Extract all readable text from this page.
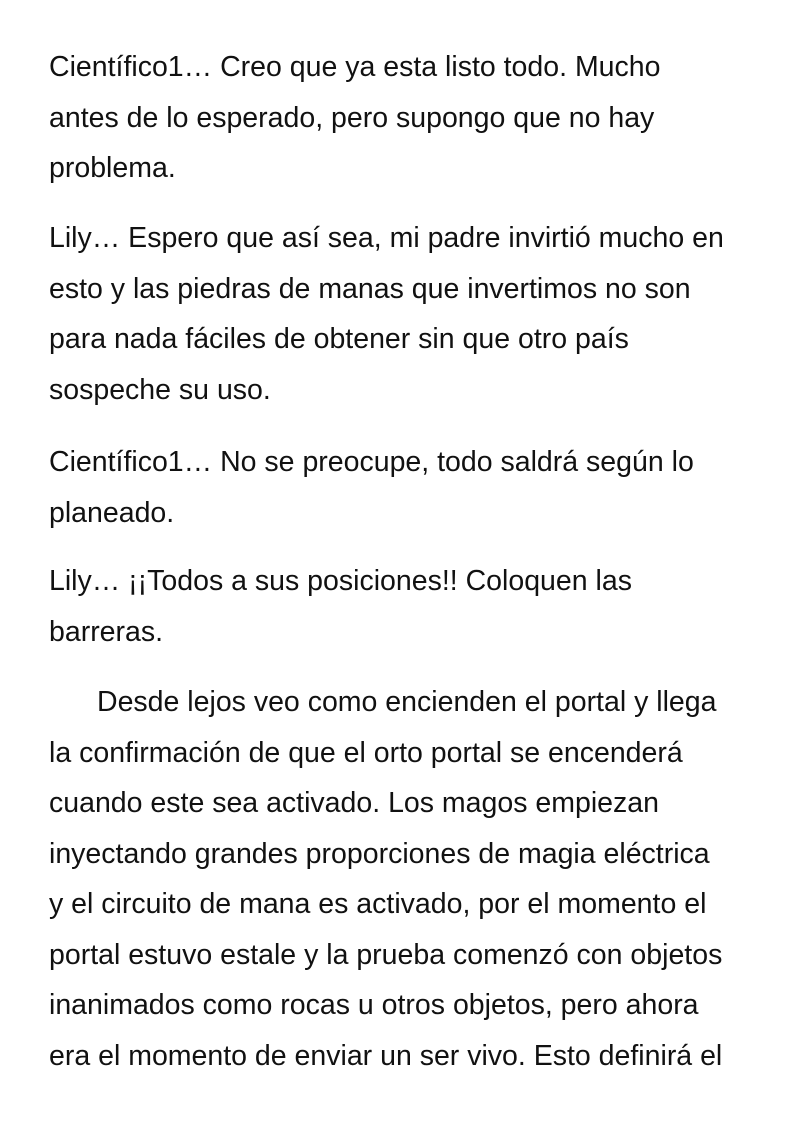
Científico1… Creo que ya esta listo todo. Mucho
antes de lo esperado, pero supongo que no hay
problema.
Lily… Espero que así sea, mi padre invirtió mucho en
esto y las piedras de manas que invertimos no son
para nada fáciles de obtener sin que otro país
sospeche su uso.
Científico1… No se preocupe, todo saldrá según lo
planeado.
Lily… ¡¡Todos a sus posiciones!! Coloquen las
barreras.
Desde lejos veo como encienden el portal y llega
la confirmación de que el orto portal se encenderá
cuando este sea activado. Los magos empiezan
inyectando grandes proporciones de magia eléctrica
y el circuito de mana es activado, por el momento el
portal estuvo estale y la prueba comenzó con objetos
inanimados como rocas u otros objetos, pero ahora
era el momento de enviar un ser vivo. Esto definirá el
